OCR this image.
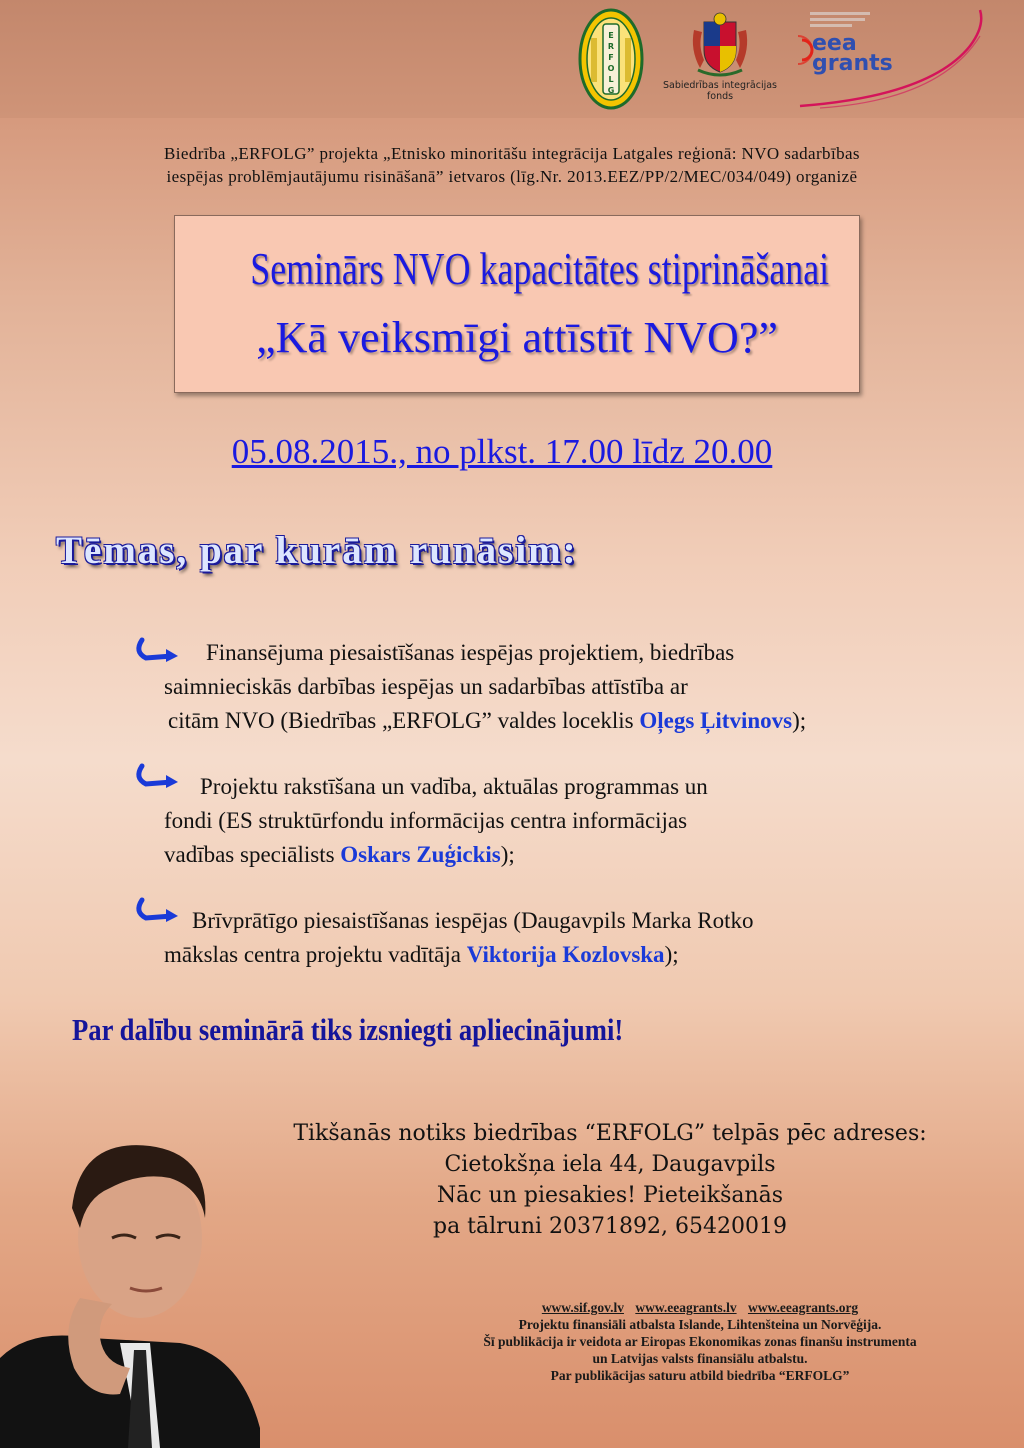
E
R
F
O
L
G	Sabiedrības integrācijas
fonds
eea
grants
Biedrība „ERFOLG” projekta „Etnisko minoritāšu integrācija Latgales reģionā: NVO sadarbības
iespējas problēmjautājumu risināšanā” ietvaros (līg.Nr. 2013.EEZ/PP/2/MEC/034/049) organizē
Seminārs NVO kapacitātes stiprināšanai
„Kā veiksmīgi attīstīt NVO?”
05.08.2015., no plkst. 17.00 līdz 20.00
Tēmas, par kurām runāsim:
Finansējuma piesaistīšanas iespējas projektiem, biedrības
saimnieciskās darbības iespējas un sadarbības attīstība ar
citām NVO (Biedrības „ERFOLG” valdes loceklis Oļegs Ļitvinovs);
Projektu rakstīšana un vadība, aktuālas programmas un
fondi (ES struktūrfondu informācijas centra informācijas
vadības speciālists Oskars Zuģickis);
Brīvprātīgo piesaistīšanas iespējas (Daugavpils Marka Rotko
mākslas centra projektu vadītāja Viktorija Kozlovska);
Par dalību seminārā tiks izsniegti apliecinājumi!
Tikšanās notiks biedrības “ERFOLG” telpās pēc adreses:
Cietokšņa iela 44, Daugavpils
Nāc un piesakies! Pieteikšanās
pa tālruni 20371892, 65420019
www.sif.gov.lv www.eeagrants.lv www.eeagrants.org
Projektu finansiāli atbalsta Islande, Lihtenšteina un Norvēģija.
Šī publikācija ir veidota ar Eiropas Ekonomikas zonas finanšu instrumenta
un Latvijas valsts finansiālu atbalstu.
Par publikācijas saturu atbild biedrība “ERFOLG”
